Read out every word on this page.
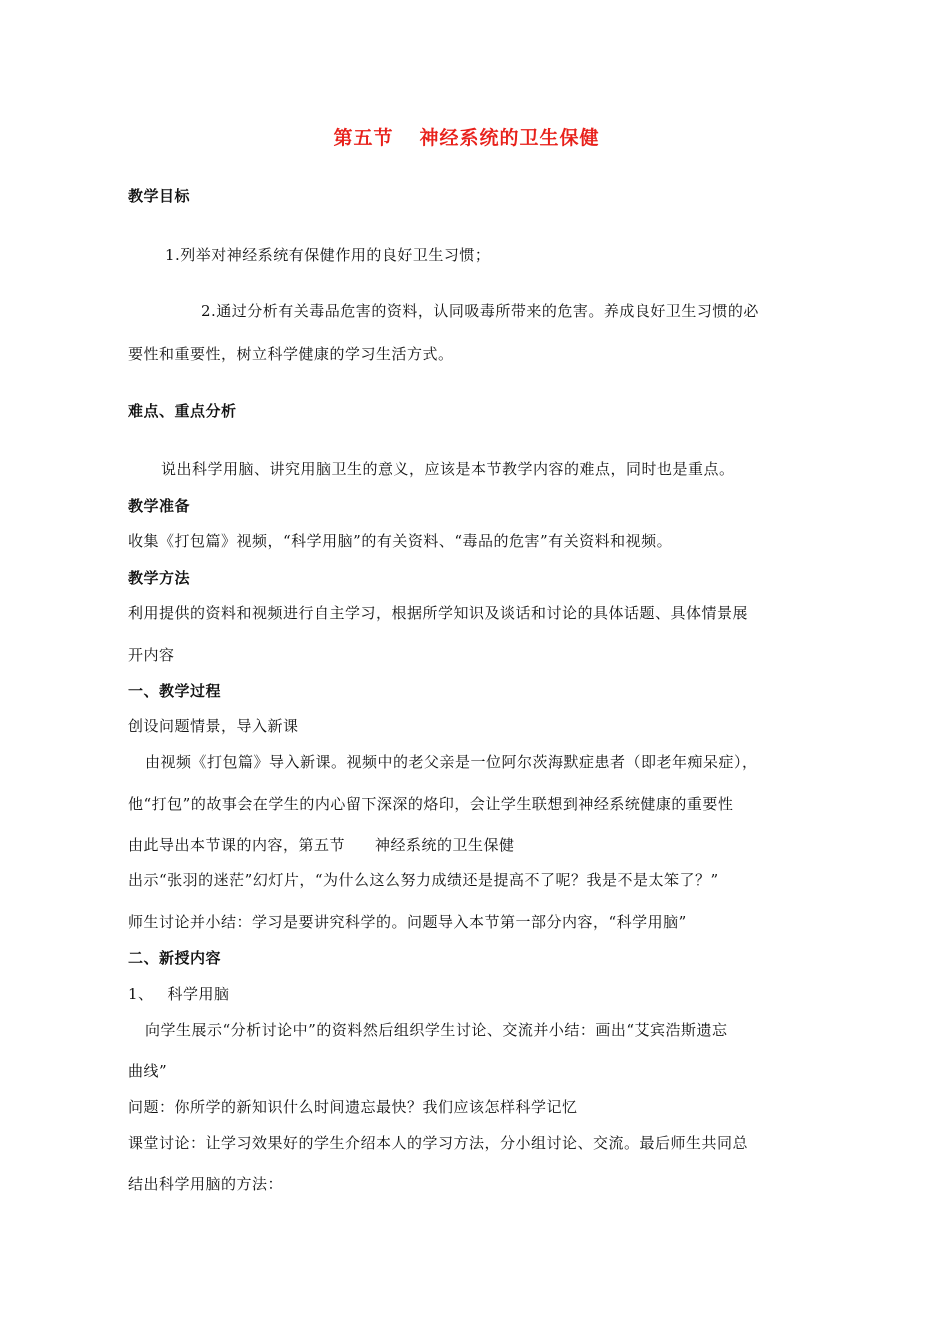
第五节 神经系统的卫生保健
教学目标
1.列举对神经系统有保健作用的良好卫生习惯；
2.通过分析有关毒品危害的资料，认同吸毒所带来的危害。养成良好卫生习惯的必
要性和重要性，树立科学健康的学习生活方式。
难点、重点分析
说出科学用脑、讲究用脑卫生的意义，应该是本节教学内容的难点，同时也是重点。
教学准备
收集《打包篇》视频，“科学用脑”的有关资料、“毒品的危害”有关资料和视频。
教学方法
利用提供的资料和视频进行自主学习，根据所学知识及谈话和讨论的具体话题、具体情景展
开内容
一、教学过程
创设问题情景，导入新课
由视频《打包篇》导入新课。视频中的老父亲是一位阿尔茨海默症患者（即老年痴呆症），
他“打包”的故事会在学生的内心留下深深的烙印，会让学生联想到神经系统健康的重要性
由此导出本节课的内容，第五节 神经系统的卫生保健
出示“张羽的迷茫”幻灯片，“为什么这么努力成绩还是提高不了呢？我是不是太笨了？”
师生讨论并小结：学习是要讲究科学的。问题导入本节第一部分内容，“科学用脑”
二、新授内容
1、 科学用脑
向学生展示“分析讨论中”的资料然后组织学生讨论、交流并小结：画出“艾宾浩斯遗忘
曲线”
问题：你所学的新知识什么时间遗忘最快？我们应该怎样科学记忆
课堂讨论：让学习效果好的学生介绍本人的学习方法，分小组讨论、交流。最后师生共同总
结出科学用脑的方法：
